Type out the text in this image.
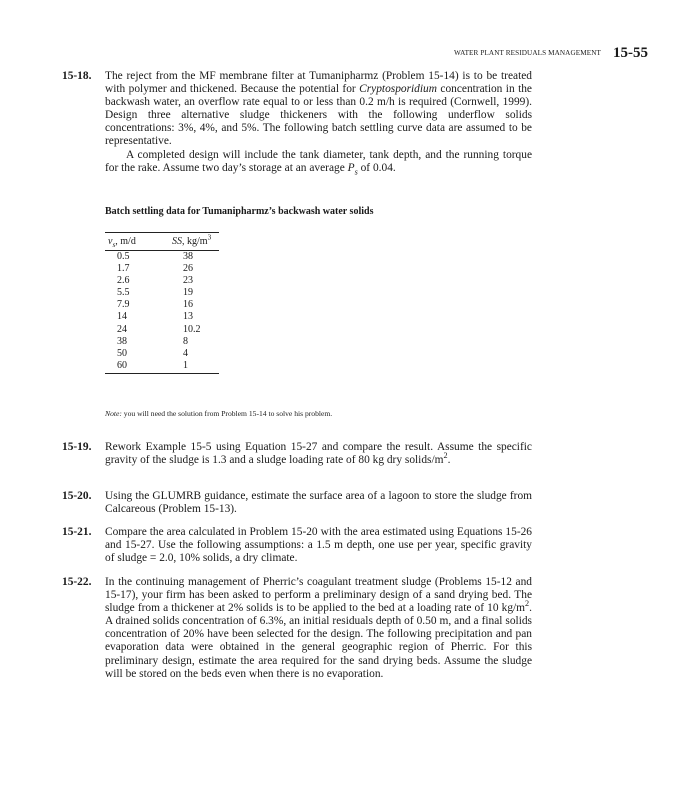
WATER PLANT RESIDUALS MANAGEMENT 15-55
15-18. The reject from the MF membrane filter at Tumanipharmz (Problem 15-14) is to be treated with polymer and thickened. Because the potential for Cryptosporidium concentration in the backwash water, an overflow rate equal to or less than 0.2 m/h is required (Cornwell, 1999). Design three alternative sludge thickeners with the following underflow solids concentrations: 3%, 4%, and 5%. The following batch settling curve data are assumed to be representative.

A completed design will include the tank diameter, tank depth, and the running torque for the rake. Assume two day’s storage at an average $P_s$ of 0.04.

Batch settling data for Tumanipharmz’s backwash water solids
$v_s$, m/d	SS, $kg/m^3$
0.5	38
1.7	26
2.6	23
5.5	19
7.9	16
14	13
24	10.2
38	8
50	4
60	1
Note: you will need the solution from Problem 15-14 to solve his problem.
15-19. Rework Example 15-5 using Equation 15-27 and compare the result. Assume the specific gravity of the sludge is 1.3 and a sludge loading rate of 80 kg dry solids/$m^2$.

15-20. Using the GLUMRB guidance, estimate the surface area of a lagoon to store the sludge from Calcareous (Problem 15-13).

15-21. Compare the area calculated in Problem 15-20 with the area estimated using Equations 15-26 and 15-27. Use the following assumptions: a 1.5 m depth, one use per year, specific gravity of sludge = 2.0, 10% solids, a dry climate.

15-22. In the continuing management of Pherric’s coagulant treatment sludge (Problems 15-12 and 15-17), your firm has been asked to perform a preliminary design of a sand drying bed. The sludge from a thickener at 2% solids is to be applied to the bed at a loading rate of 10 $kg/m^2$. A drained solids concentration of 6.3%, an initial residuals depth of 0.50 m, and a final solids concentration of 20% have been selected for the design. The following precipitation and pan evaporation data were obtained in the general geographic region of Pherric. For this preliminary design, estimate the area required for the sand drying beds. Assume the sludge will be stored on the beds even when there is no evaporation.
